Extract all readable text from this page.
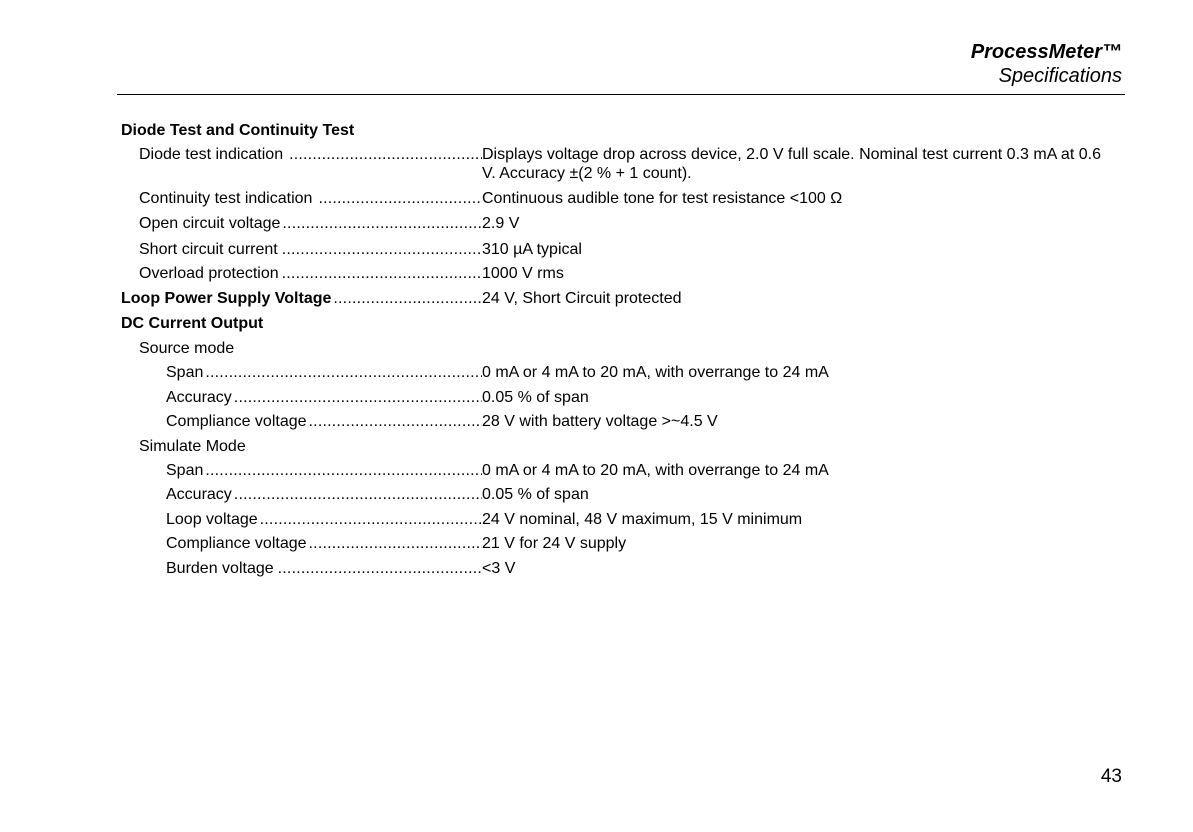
ProcessMeter™
Specifications
Diode Test and Continuity Test
Diode test indication .....	Displays voltage drop across device, 2.0 V full scale. Nominal test current 0.3 mA at 0.6 V. Accuracy ±(2 % + 1 count).
Continuity test indication .....	Continuous audible tone for test resistance <100 Ω
Open circuit voltage .....	2.9 V
Short circuit current .....	310 µA typical
Overload protection .....	1000 V rms
Loop Power Supply Voltage .....	24 V, Short Circuit protected
DC Current Output
Source mode
Span .....	0 mA or 4 mA to 20 mA, with overrange to 24 mA
Accuracy .....	0.05 % of span
Compliance voltage .....	28 V with battery voltage >~4.5 V
Simulate Mode
Span .....	0 mA or 4 mA to 20 mA, with overrange to 24 mA
Accuracy .....	0.05 % of span
Loop voltage .....	24 V nominal, 48 V maximum, 15 V minimum
Compliance voltage .....	21 V for 24 V supply
Burden voltage .....	<3 V
43
